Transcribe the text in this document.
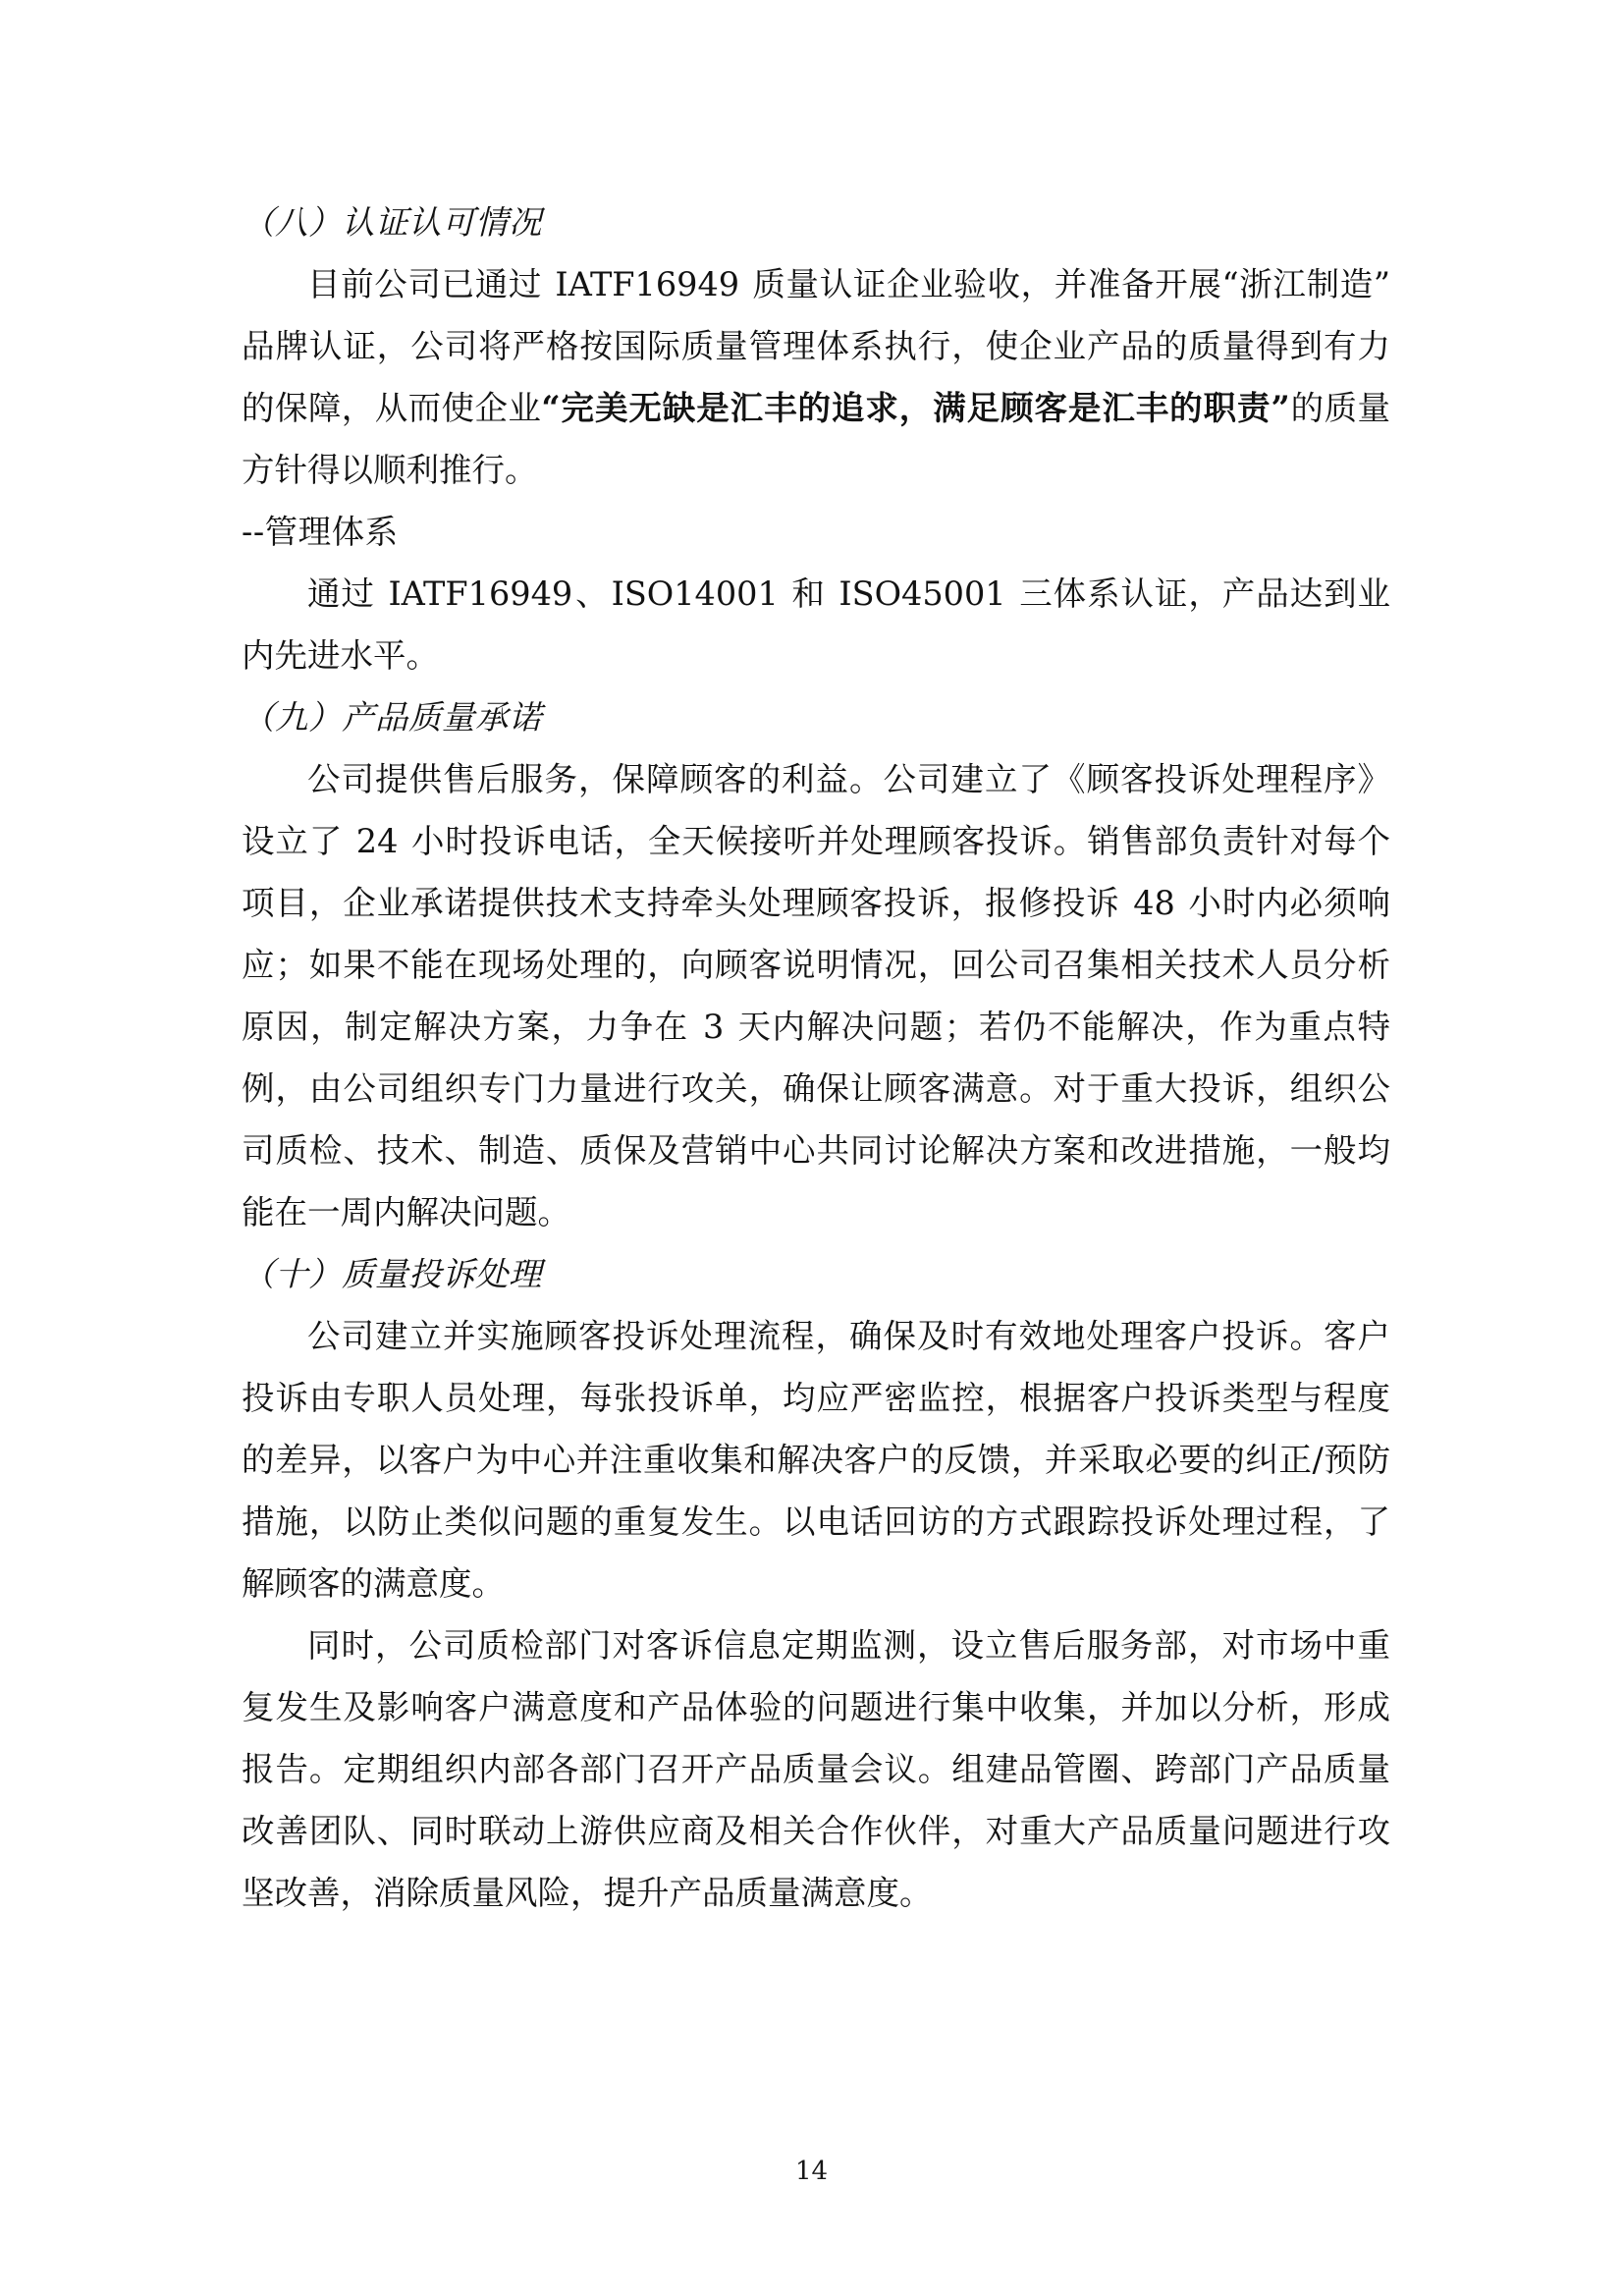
（八）认证认可情况
目前公司已通过 IATF16949 质量认证企业验收，并准备开展“浙江制造”品牌认证，公司将严格按国际质量管理体系执行，使企业产品的质量得到有力的保障，从而使企业“完美无缺是汇丰的追求，满足顾客是汇丰的职责”的质量方针得以顺利推行。
--管理体系
通过 IATF16949、ISO14001 和 ISO45001 三体系认证，产品达到业内先进水平。
（九）产品质量承诺
公司提供售后服务，保障顾客的利益。公司建立了《顾客投诉处理程序》设立了 24 小时投诉电话，全天候接听并处理顾客投诉。销售部负责针对每个项目，企业承诺提供技术支持牵头处理顾客投诉，报修投诉 48 小时内必须响应；如果不能在现场处理的，向顾客说明情况，回公司召集相关技术人员分析原因，制定解决方案，力争在 3 天内解决问题；若仍不能解决，作为重点特例，由公司组织专门力量进行攻关，确保让顾客满意。对于重大投诉，组织公司质检、技术、制造、质保及营销中心共同讨论解决方案和改进措施，一般均能在一周内解决问题。
（十）质量投诉处理
公司建立并实施顾客投诉处理流程，确保及时有效地处理客户投诉。客户投诉由专职人员处理，每张投诉单，均应严密监控，根据客户投诉类型与程度的差异，以客户为中心并注重收集和解决客户的反馈，并采取必要的纠正/预防措施，以防止类似问题的重复发生。以电话回访的方式跟踪投诉处理过程，了解顾客的满意度。
同时，公司质检部门对客诉信息定期监测，设立售后服务部，对市场中重复发生及影响客户满意度和产品体验的问题进行集中收集，并加以分析，形成报告。定期组织内部各部门召开产品质量会议。组建品管圈、跨部门产品质量改善团队、同时联动上游供应商及相关合作伙伴，对重大产品质量问题进行攻坚改善，消除质量风险，提升产品质量满意度。
14
